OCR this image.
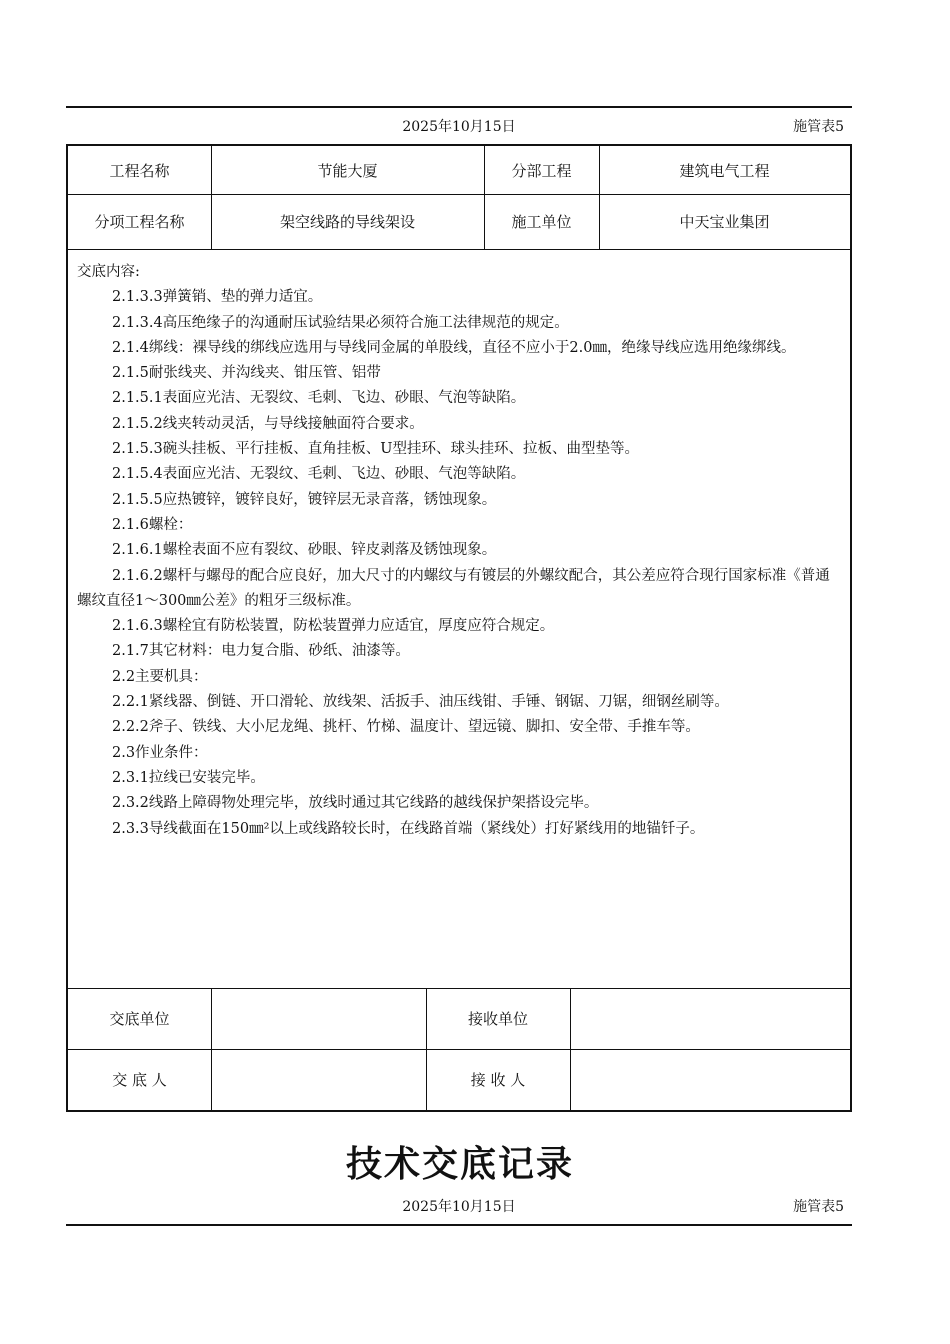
2025年10月15日	施管表5
工程名称	节能大厦	分部工程	建筑电气工程
分项工程名称	架空线路的导线架设	施工单位	中天宝业集团
交底内容:

2.1.3.3弹簧销、垫的弹力适宜。

2.1.3.4高压绝缘子的沟通耐压试验结果必须符合施工法律规范的规定。

2.1.4绑线：裸导线的绑线应选用与导线同金属的单股线，直径不应小于2.0㎜，绝缘导线应选用绝缘绑线。

2.1.5耐张线夹、并沟线夹、钳压管、铝带

2.1.5.1表面应光洁、无裂纹、毛刺、飞边、砂眼、气泡等缺陷。

2.1.5.2线夹转动灵活，与导线接触面符合要求。

2.1.5.3碗头挂板、平行挂板、直角挂板、U型挂环、球头挂环、拉板、曲型垫等。

2.1.5.4表面应光洁、无裂纹、毛刺、飞边、砂眼、气泡等缺陷。

2.1.5.5应热镀锌，镀锌良好，镀锌层无录音落，锈蚀现象。

2.1.6螺栓：

2.1.6.1螺栓表面不应有裂纹、砂眼、锌皮剥落及锈蚀现象。

2.1.6.2螺杆与螺母的配合应良好，加大尺寸的内螺纹与有镀层的外螺纹配合，其公差应符合现行国家标准《普通螺纹直径1～300㎜公差》的粗牙三级标准。

2.1.6.3螺栓宜有防松装置，防松装置弹力应适宜，厚度应符合规定。

2.1.7其它材料：电力复合脂、砂纸、油漆等。

2.2主要机具：

2.2.1紧线器、倒链、开口滑轮、放线架、活扳手、油压线钳、手锤、钢锯、刀锯，细钢丝刷等。

2.2.2斧子、铁线、大小尼龙绳、挑杆、竹梯、温度计、望远镜、脚扣、安全带、手推车等。

2.3作业条件：

2.3.1拉线已安装完毕。

2.3.2线路上障碍物处理完毕，放线时通过其它线路的越线保护架搭设完毕。

2.3.3导线截面在150㎜²以上或线路较长时，在线路首端（紧线处）打好紧线用的地锚钎子。

交底单位	接收单位
交 底 人	接 收 人
技术交底记录
2025年10月15日	施管表5
